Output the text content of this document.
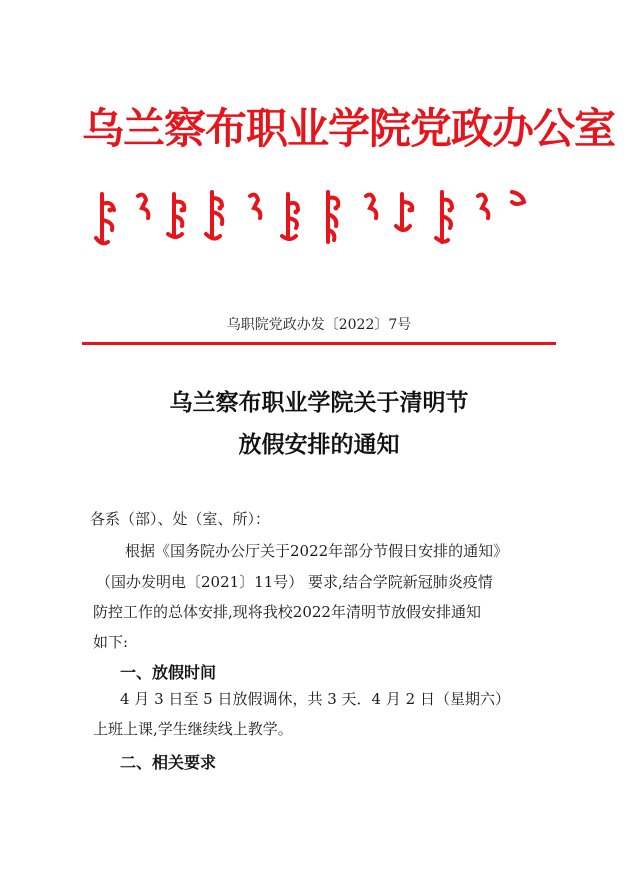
乌兰察布职业学院党政办公室
乌职院党政办发〔2022〕7号
乌兰察布职业学院关于清明节
放假安排的通知
各系（部）、处（室、所）：
根据《国务院办公厅关于2022年部分节假日安排的通知》
（国办发明电〔2021〕11号） 要求,结合学院新冠肺炎疫情
防控工作的总体安排,现将我校2022年清明节放假安排通知
如下:
一、放假时间
4 月 3 日至 5 日放假调休，共 3 天．4 月 2 日（星期六）
上班上课,学生继续线上教学。
二、相关要求
